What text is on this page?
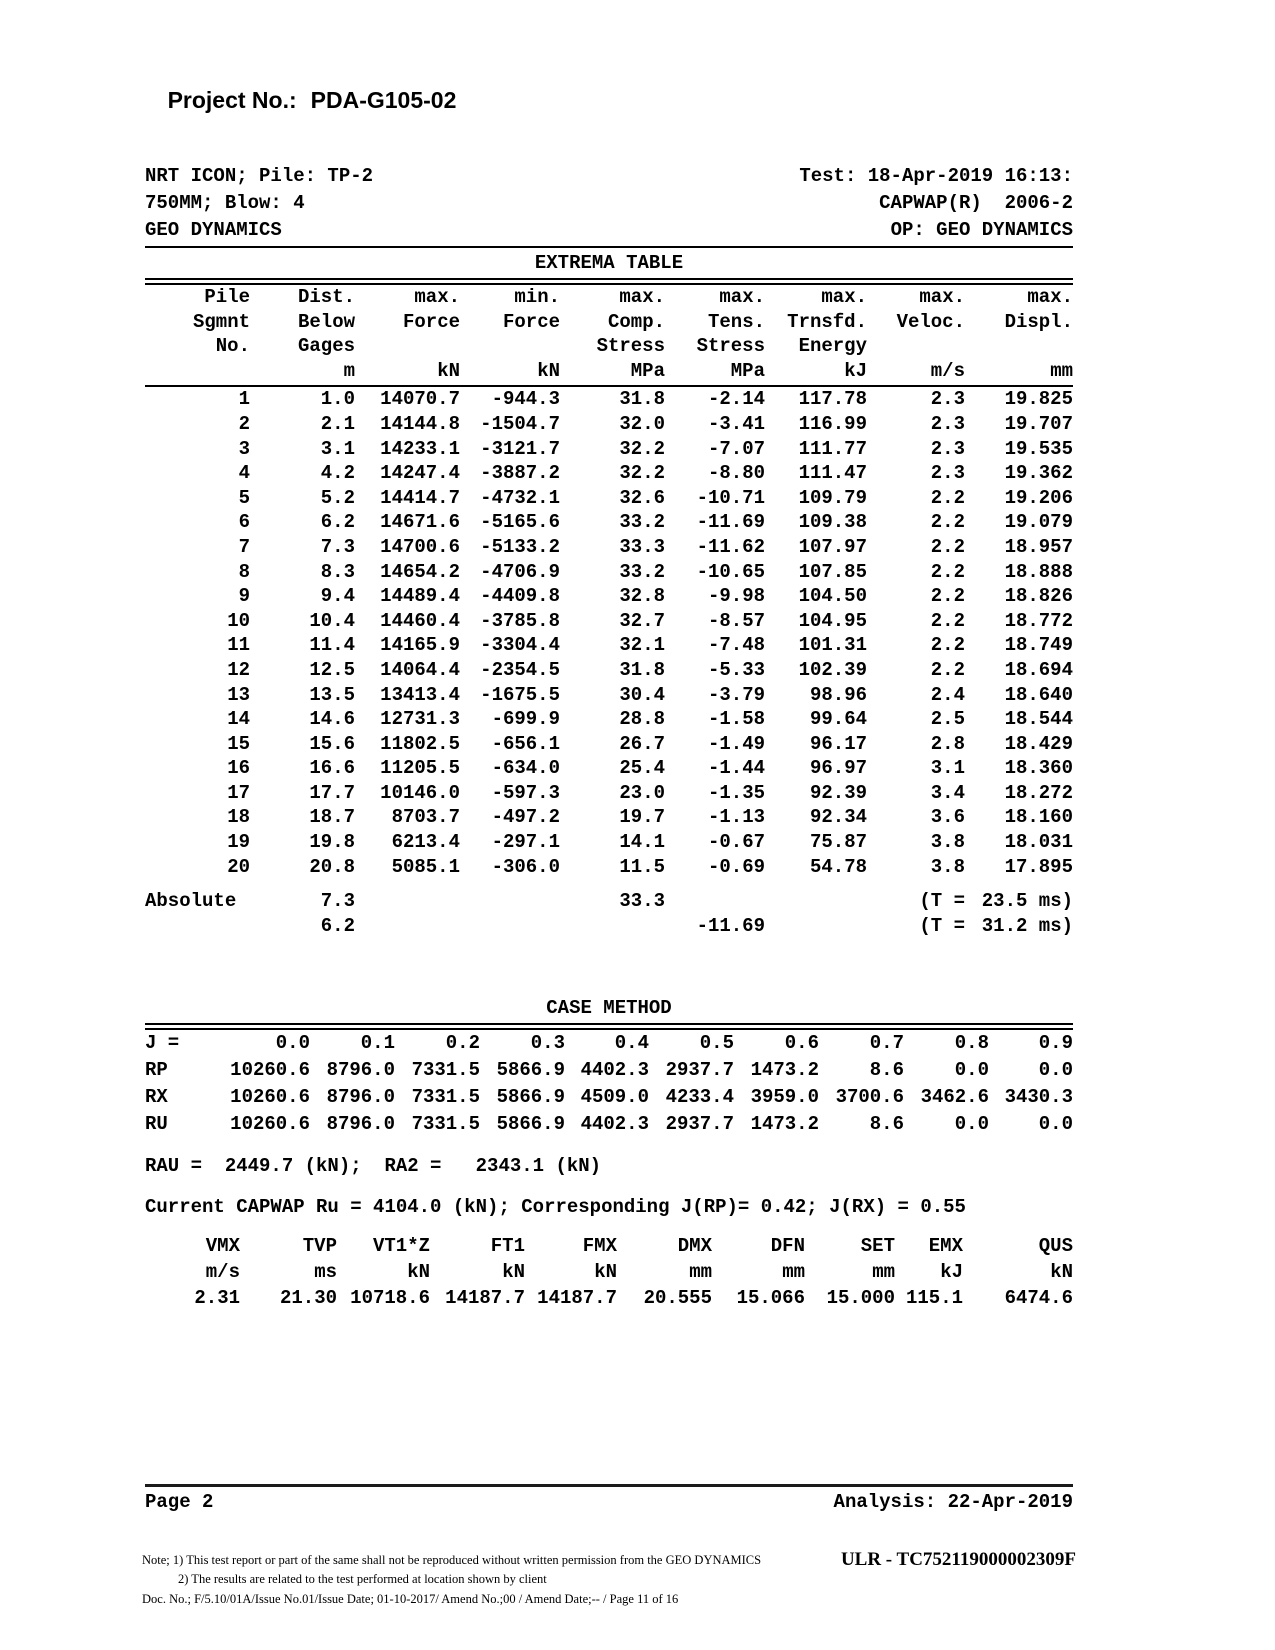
Project No.: PDA-G105-02

NRT ICON; Pile: TP-2	Test: 18-Apr-2019 16:13:
750MM; Blow: 4	CAPWAP(R)  2006-2
GEO DYNAMICS	OP: GEO DYNAMICS
EXTREMA TABLE
Pile	Dist.	max.	min.	max.	max.	max.	max.	max.
Sgmnt	Below	Force	Force	Comp.	Tens.	Trnsfd.	Veloc.	Displ.
No.	Gages			Stress	Stress	Energy		
	m	kN	kN	MPa	MPa	kJ	m/s	mm
1	1.0	14070.7	-944.3	31.8	-2.14	117.78	2.3	19.825
2	2.1	14144.8	-1504.7	32.0	-3.41	116.99	2.3	19.707
3	3.1	14233.1	-3121.7	32.2	-7.07	111.77	2.3	19.535
4	4.2	14247.4	-3887.2	32.2	-8.80	111.47	2.3	19.362
5	5.2	14414.7	-4732.1	32.6	-10.71	109.79	2.2	19.206
6	6.2	14671.6	-5165.6	33.2	-11.69	109.38	2.2	19.079
7	7.3	14700.6	-5133.2	33.3	-11.62	107.97	2.2	18.957
8	8.3	14654.2	-4706.9	33.2	-10.65	107.85	2.2	18.888
9	9.4	14489.4	-4409.8	32.8	-9.98	104.50	2.2	18.826
10	10.4	14460.4	-3785.8	32.7	-8.57	104.95	2.2	18.772
11	11.4	14165.9	-3304.4	32.1	-7.48	101.31	2.2	18.749
12	12.5	14064.4	-2354.5	31.8	-5.33	102.39	2.2	18.694
13	13.5	13413.4	-1675.5	30.4	-3.79	98.96	2.4	18.640
14	14.6	12731.3	-699.9	28.8	-1.58	99.64	2.5	18.544
15	15.6	11802.5	-656.1	26.7	-1.49	96.17	2.8	18.429
16	16.6	11205.5	-634.0	25.4	-1.44	96.97	3.1	18.360
17	17.7	10146.0	-597.3	23.0	-1.35	92.39	3.4	18.272
18	18.7	8703.7	-497.2	19.7	-1.13	92.34	3.6	18.160
19	19.8	6213.4	-297.1	14.1	-0.67	75.87	3.8	18.031
20	20.8	5085.1	-306.0	11.5	-0.69	54.78	3.8	17.895
Absolute	7.3			33.3			(T =	23.5 ms)
	6.2				-11.69		(T =	31.2 ms)
CASE METHOD
J =	0.0	0.1	0.2	0.3	0.4	0.5	0.6	0.7	0.8	0.9
RP	10260.6	8796.0	7331.5	5866.9	4402.3	2937.7	1473.2	8.6	0.0	0.0
RX	10260.6	8796.0	7331.5	5866.9	4509.0	4233.4	3959.0	3700.6	3462.6	3430.3
RU	10260.6	8796.0	7331.5	5866.9	4402.3	2937.7	1473.2	8.6	0.0	0.0
RAU =  2449.7 (kN);  RA2 =   2343.1 (kN)
Current CAPWAP Ru = 4104.0 (kN); Corresponding J(RP)= 0.42; J(RX) = 0.55
VMX	TVP	VT1*Z	FT1	FMX	DMX	DFN	SET	EMX	QUS
m/s	ms	kN	kN	kN	mm	mm	mm	kJ	kN
2.31	21.30	10718.6	14187.7	14187.7	20.555	15.066	15.000	115.1	6474.6
Page 2	Analysis: 22-Apr-2019
Note; 1) This test report or part of the same shall not be reproduced without written permission from the GEO DYNAMICS
2) The results are related to the test performed at location shown by client
Doc. No.; F/5.10/01A/Issue No.01/Issue Date; 01-10-2017/ Amend No.;00 / Amend Date;-- / Page 11 of 16
ULR - TC752119000002309F
